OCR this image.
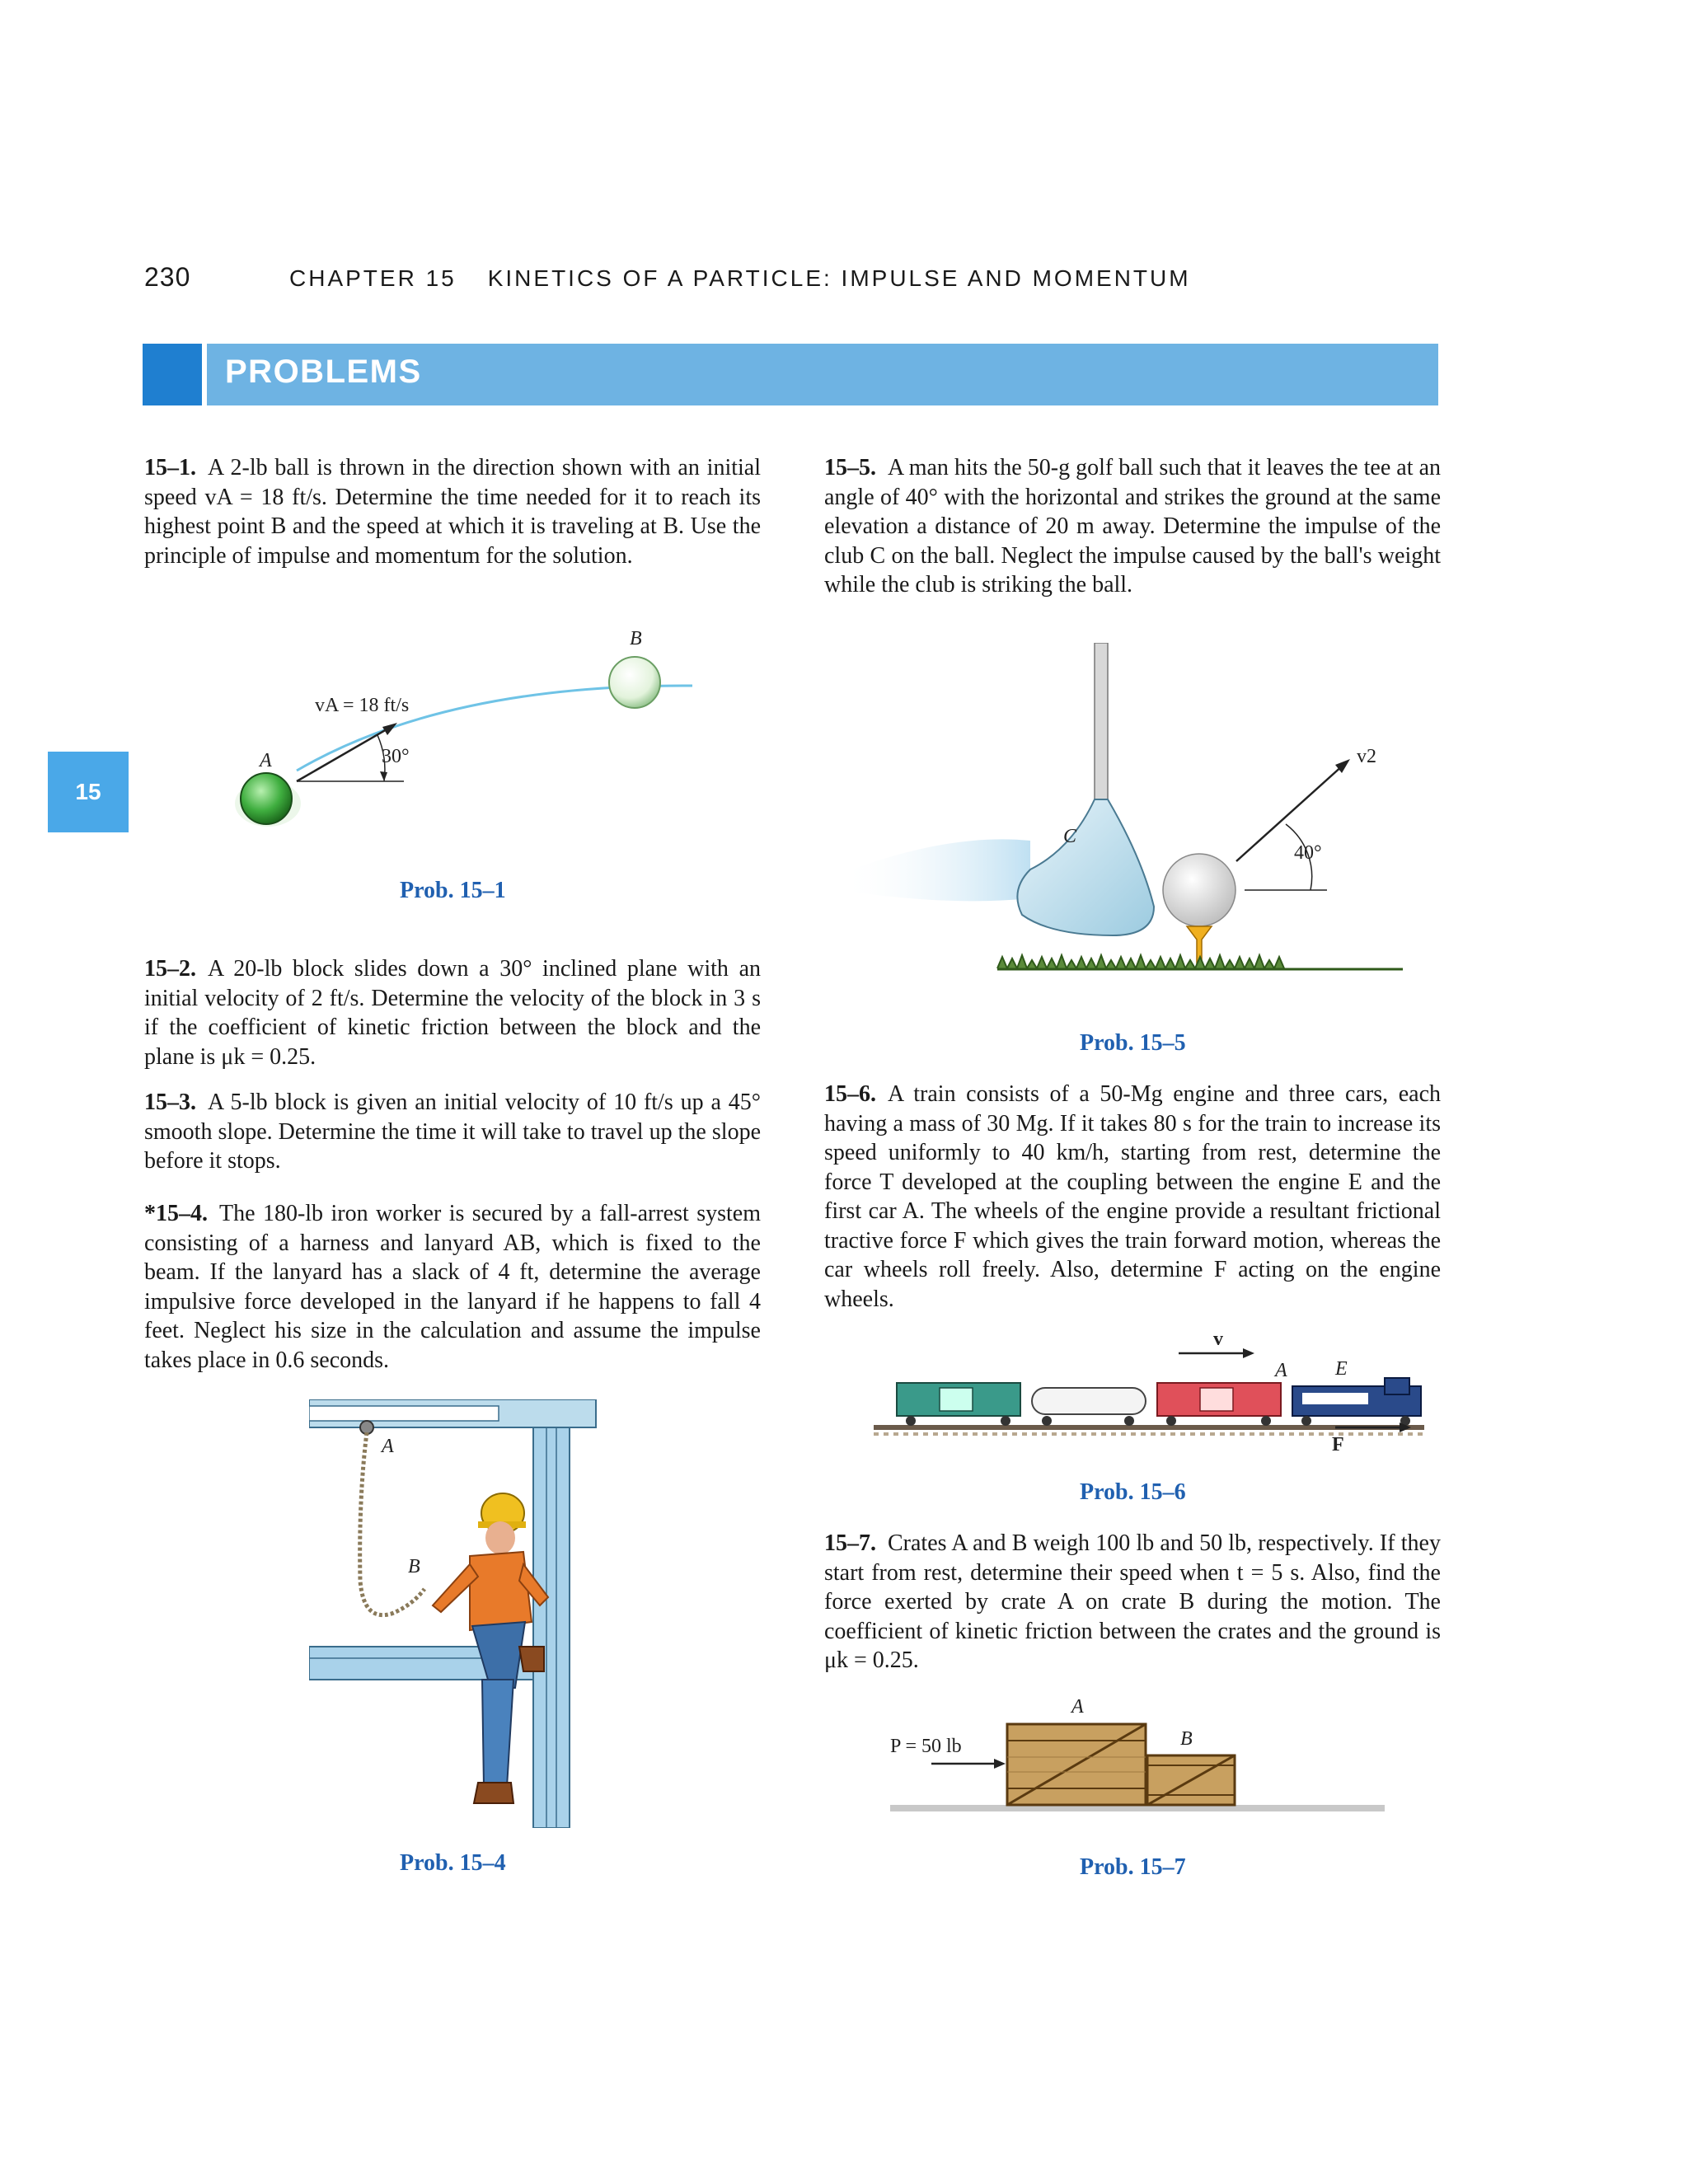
230	CHAPTER 15 KINETICS OF A PARTICLE: IMPULSE AND MOMENTUM
PROBLEMS
15
15–1. A 2-lb ball is thrown in the direction shown with an initial speed vA = 18 ft/s. Determine the time needed for it to reach its highest point B and the speed at which it is traveling at B. Use the principle of impulse and momentum for the solution.
A
B
vA = 18 ft/s
30°
Prob. 15–1
15–2. A 20-lb block slides down a 30° inclined plane with an initial velocity of 2 ft/s. Determine the velocity of the block in 3 s if the coefficient of kinetic friction between the block and the plane is μk = 0.25.
15–3. A 5-lb block is given an initial velocity of 10 ft/s up a 45° smooth slope. Determine the time it will take to travel up the slope before it stops.
*15–4. The 180-lb iron worker is secured by a fall-arrest system consisting of a harness and lanyard AB, which is fixed to the beam. If the lanyard has a slack of 4 ft, determine the average impulsive force developed in the lanyard if he happens to fall 4 feet. Neglect his size in the calculation and assume the impulse takes place in 0.6 seconds.
A
B
Prob. 15–4
15–5. A man hits the 50-g golf ball such that it leaves the tee at an angle of 40° with the horizontal and strikes the ground at the same elevation a distance of 20 m away. Determine the impulse of the club C on the ball. Neglect the impulse caused by the ball's weight while the club is striking the ball.
C
v2
40°
Prob. 15–5
15–6. A train consists of a 50-Mg engine and three cars, each having a mass of 30 Mg. If it takes 80 s for the train to increase its speed uniformly to 40 km/h, starting from rest, determine the force T developed at the coupling between the engine E and the first car A. The wheels of the engine provide a resultant frictional tractive force F which gives the train forward motion, whereas the car wheels roll freely. Also, determine F acting on the engine wheels.
v
A E
F
Prob. 15–6
15–7. Crates A and B weigh 100 lb and 50 lb, respectively. If they start from rest, determine their speed when t = 5 s. Also, find the force exerted by crate A on crate B during the motion. The coefficient of kinetic friction between the crates and the ground is μk = 0.25.
A
B
P = 50 lb
Prob. 15–7
